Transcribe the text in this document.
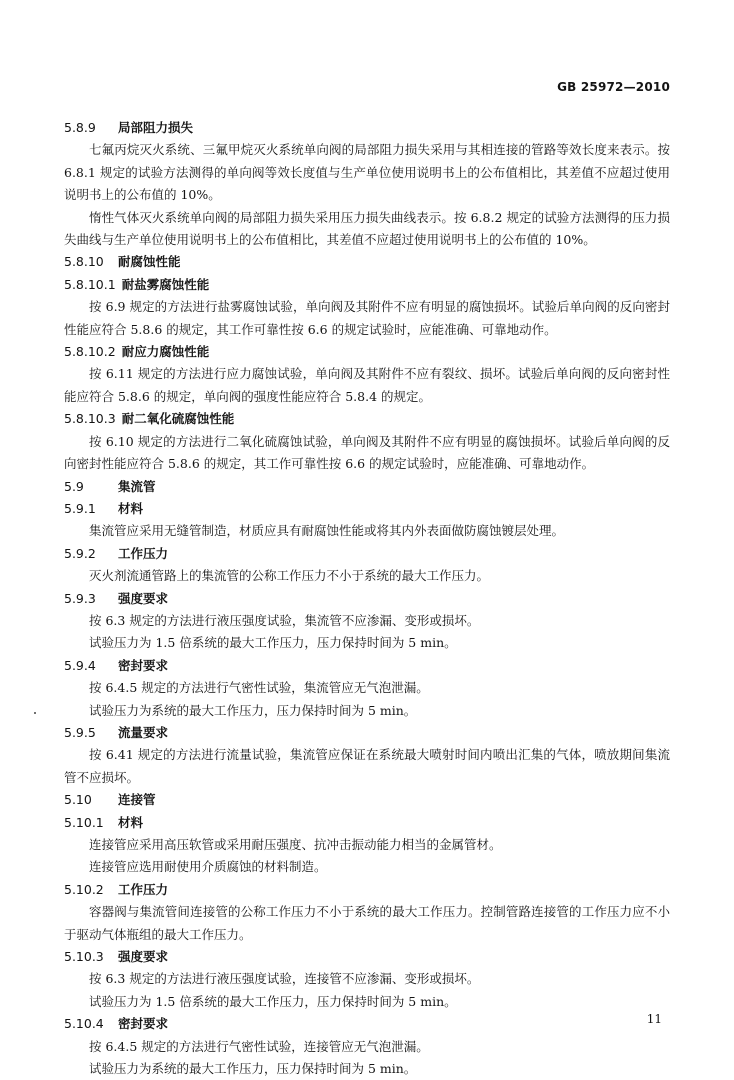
GB 25972—2010
5.8.9 局部阻力损失
七氟丙烷灭火系统、三氟甲烷灭火系统单向阀的局部阻力损失采用与其相连接的管路等效长度来表示。按 6.8.1 规定的试验方法测得的单向阀等效长度值与生产单位使用说明书上的公布值相比，其差值不应超过使用说明书上的公布值的 10%。
惰性气体灭火系统单向阀的局部阻力损失采用压力损失曲线表示。按 6.8.2 规定的试验方法测得的压力损失曲线与生产单位使用说明书上的公布值相比，其差值不应超过使用说明书上的公布值的 10%。
5.8.10 耐腐蚀性能
5.8.10.1 耐盐雾腐蚀性能
按 6.9 规定的方法进行盐雾腐蚀试验，单向阀及其附件不应有明显的腐蚀损坏。试验后单向阀的反向密封性能应符合 5.8.6 的规定，其工作可靠性按 6.6 的规定试验时，应能准确、可靠地动作。
5.8.10.2 耐应力腐蚀性能
按 6.11 规定的方法进行应力腐蚀试验，单向阀及其附件不应有裂纹、损坏。试验后单向阀的反向密封性能应符合 5.8.6 的规定，单向阀的强度性能应符合 5.8.4 的规定。
5.8.10.3 耐二氧化硫腐蚀性能
按 6.10 规定的方法进行二氧化硫腐蚀试验，单向阀及其附件不应有明显的腐蚀损坏。试验后单向阀的反向密封性能应符合 5.8.6 的规定，其工作可靠性按 6.6 的规定试验时，应能准确、可靠地动作。
5.9	集流管
5.9.1 材料
集流管应采用无缝管制造，材质应具有耐腐蚀性能或将其内外表面做防腐蚀镀层处理。
5.9.2 工作压力
灭火剂流通管路上的集流管的公称工作压力不小于系统的最大工作压力。
5.9.3 强度要求
按 6.3 规定的方法进行液压强度试验，集流管不应渗漏、变形或损坏。
试验压力为 1.5 倍系统的最大工作压力，压力保持时间为 5 min。
5.9.4 密封要求
按 6.4.5 规定的方法进行气密性试验，集流管应无气泡泄漏。
试验压力为系统的最大工作压力，压力保持时间为 5 min。
5.9.5 流量要求
按 6.41 规定的方法进行流量试验，集流管应保证在系统最大喷射时间内喷出汇集的气体，喷放期间集流管不应损坏。
5.10 连接管
5.10.1 材料
连接管应采用高压软管或采用耐压强度、抗冲击振动能力相当的金属管材。
连接管应选用耐使用介质腐蚀的材料制造。
5.10.2 工作压力
容器阀与集流管间连接管的公称工作压力不小于系统的最大工作压力。控制管路连接管的工作压力应不小于驱动气体瓶组的最大工作压力。
5.10.3 强度要求
按 6.3 规定的方法进行液压强度试验，连接管不应渗漏、变形或损坏。
试验压力为 1.5 倍系统的最大工作压力，压力保持时间为 5 min。
5.10.4 密封要求
按 6.4.5 规定的方法进行气密性试验，连接管应无气泡泄漏。
试验压力为系统的最大工作压力，压力保持时间为 5 min。
11
